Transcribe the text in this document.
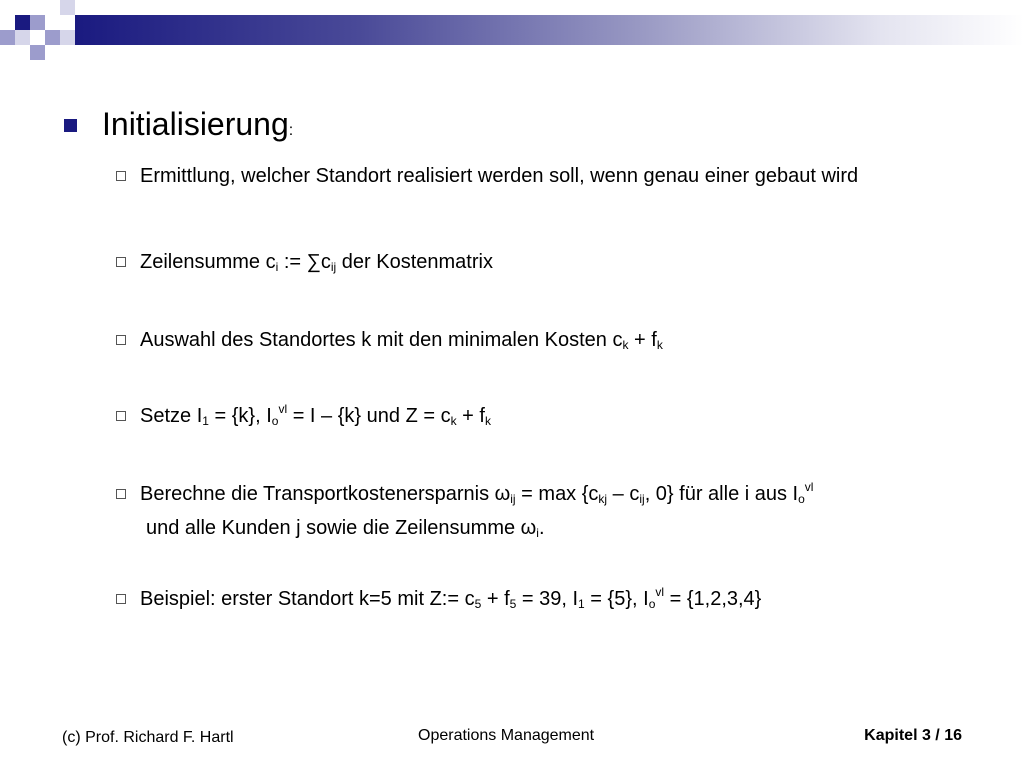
Initialisierung :
Ermittlung, welcher Standort realisiert werden soll, wenn genau einer gebaut wird
Zeilensumme $c_i$ := $\sum c_{ij}$ der Kostenmatrix
Auswahl des Standortes k mit den minimalen Kosten $c_k + f_k$
Setze $I_1 = \{k\}$, $I_o^{vl} = I - \{k\}$ und $Z = c_k + f_k$
Berechne die Transportkostenersparnis $\omega_{ij} = \max \{c_{kj} - c_{ij}$, 0} für alle i aus $I_o^{vl}$
und alle Kunden j sowie die Zeilensumme $\omega_i$.
Beispiel: erster Standort k=5 mit Z:= $c_5 + f_5 = 39$, $I_1 = \{5\}$, $I_o^{vl} = \{1,2,3,4\}$
(c) Prof. Richard F. Hartl	Operations Management	Kapitel 3 / 16
